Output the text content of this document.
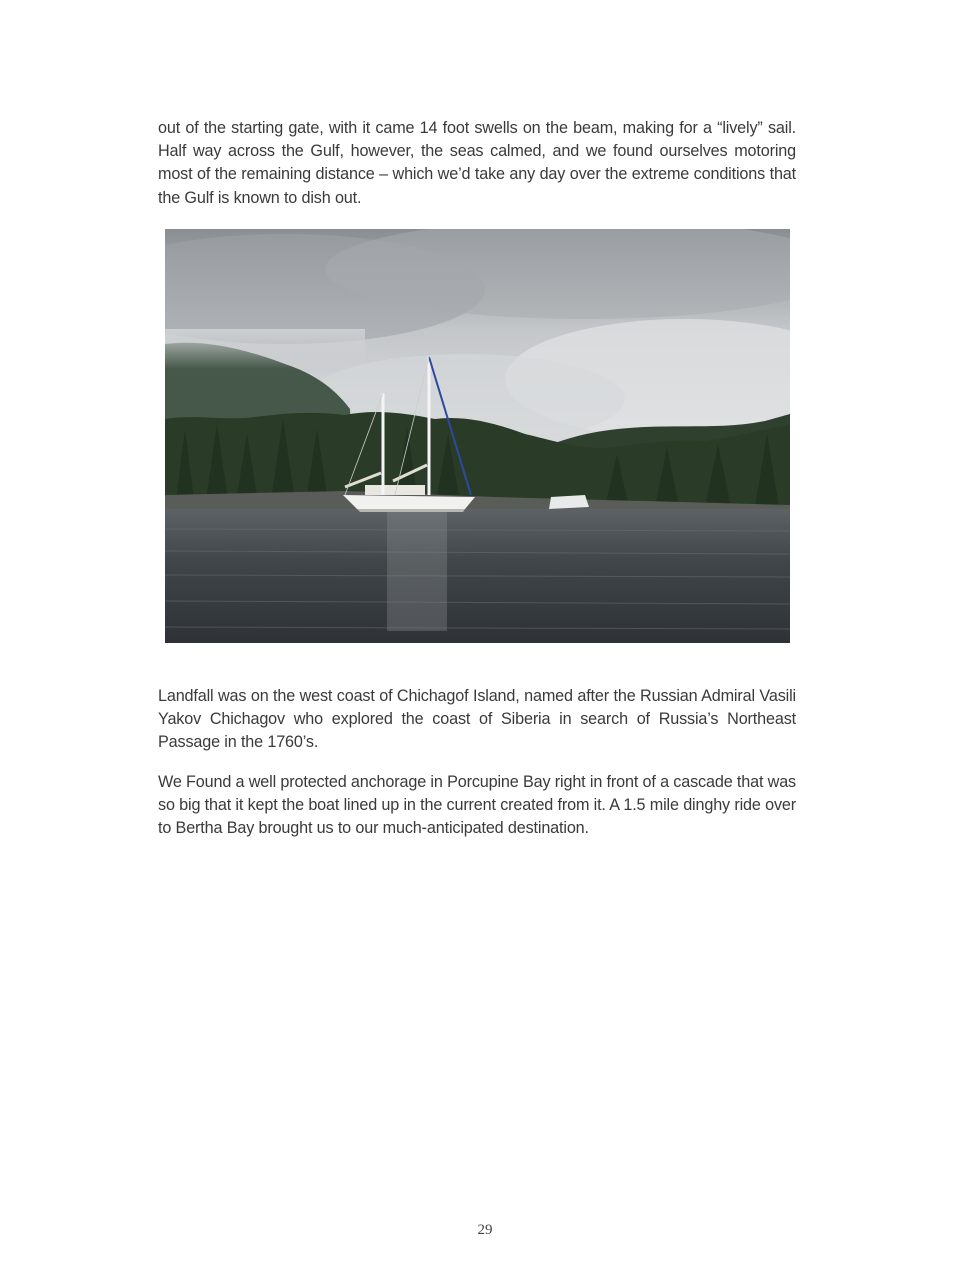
out of the starting gate, with it came 14 foot swells on the beam, making for a “lively” sail. Half way across the Gulf, however, the seas calmed, and we found ourselves motoring most of the remaining distance – which we’d take any day over the extreme conditions that the Gulf is known to dish out.

Landfall was on the west coast of Chichagof Island, named after the Russian Admiral Vasili Yakov Chichagov who explored the coast of Siberia in search of Russia’s Northeast Passage in the 1760’s.

We Found a well protected anchorage in Porcupine Bay right in front of a cascade that was so big that it kept the boat lined up in the current created from it. A 1.5 mile dinghy ride over to Bertha Bay brought us to our much-anticipated destination.

29
